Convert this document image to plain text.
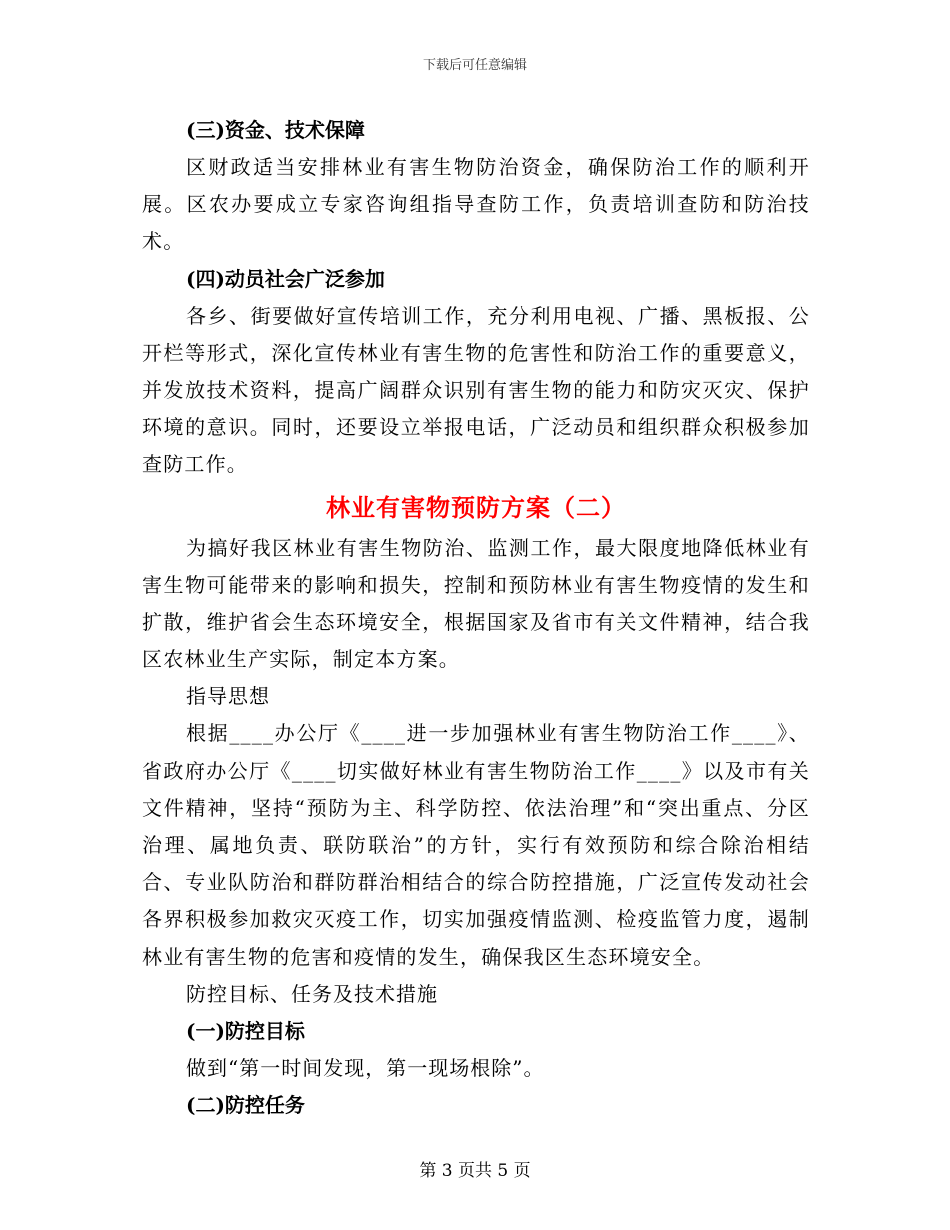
下载后可任意编辑
(三)资金、技术保障

区财政适当安排林业有害生物防治资金，确保防治工作的顺利开展。区农办要成立专家咨询组指导查防工作，负责培训查防和防治技术。

(四)动员社会广泛参加

各乡、街要做好宣传培训工作，充分利用电视、广播、黑板报、公开栏等形式，深化宣传林业有害生物的危害性和防治工作的重要意义，并发放技术资料，提高广阔群众识别有害生物的能力和防灾灭灾、保护环境的意识。同时，还要设立举报电话，广泛动员和组织群众积极参加查防工作。

林业有害物预防方案（二）

为搞好我区林业有害生物防治、监测工作，最大限度地降低林业有害生物可能带来的影响和损失，控制和预防林业有害生物疫情的发生和扩散，维护省会生态环境安全，根据国家及省市有关文件精神，结合我区农林业生产实际，制定本方案。

指导思想

根据____办公厅《____进一步加强林业有害生物防治工作____》、省政府办公厅《____切实做好林业有害生物防治工作____》以及市有关文件精神，坚持“预防为主、科学防控、依法治理”和“突出重点、分区治理、属地负责、联防联治”的方针，实行有效预防和综合除治相结合、专业队防治和群防群治相结合的综合防控措施，广泛宣传发动社会各界积极参加救灾灭疫工作，切实加强疫情监测、检疫监管力度，遏制林业有害生物的危害和疫情的发生，确保我区生态环境安全。

防控目标、任务及技术措施
(一)防控目标
做到“第一时间发现，第一现场根除”。
(二)防控任务
第 3 页共 5 页
